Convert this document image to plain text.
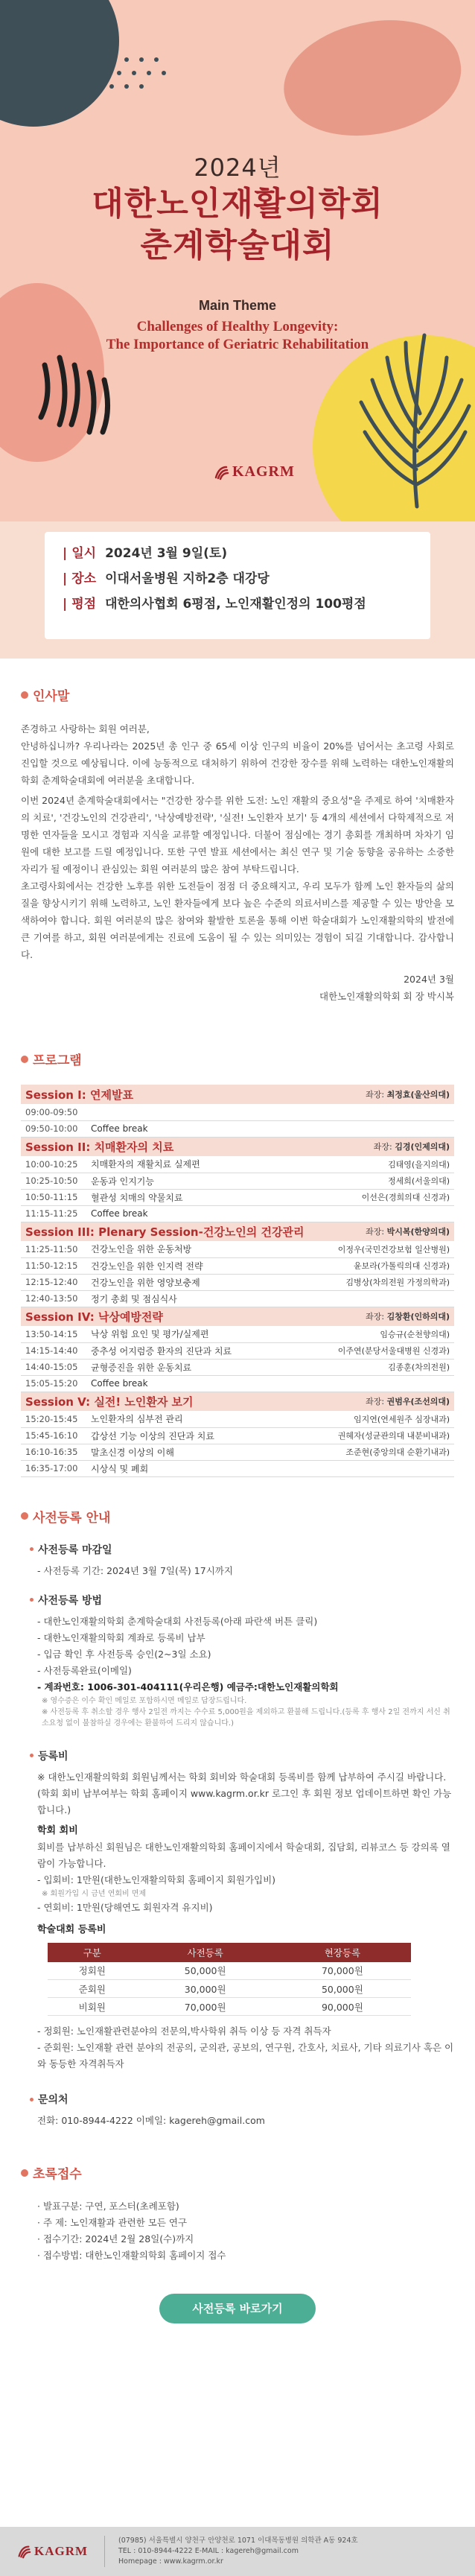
2024년
대한노인재활의학회
춘계학술대회
Main Theme
Challenges of Healthy Longevity:
The Importance of Geriatric Rehabilitation
KAGRM
| 일시 2024년 3월 9일(토)
| 장소 이대서울병원 지하2층 대강당
| 평점 대한의사협회 6평점, 노인재활인정의 100평점
인사말

존경하고 사랑하는 회원 여러분,

안녕하십니까? 우리나라는 2025년 총 인구 중 65세 이상 인구의 비율이 20%를 넘어서는 초고령 사회로 진입할 것으로 예상됩니다. 이에 능동적으로 대처하기 위하여 건강한 장수를 위해 노력하는 대한노인재활의학회 춘계학술대회에 여러분을 초대합니다.

이번 2024년 춘계학술대회에서는 "건강한 장수를 위한 도전: 노인 재활의 중요성"을 주제로 하여 '치매환자의 치료', '건강노인의 건강관리', '낙상예방전략', '실전! 노인환자 보기' 등 4개의 세션에서 다학제적으로 저명한 연자들을 모시고 경험과 지식을 교류할 예정입니다. 더불어 점심에는 경기 총회를 개최하며 차차기 임원에 대한 보고를 드릴 예정입니다. 또한 구연 발표 세션에서는 최신 연구 및 기술 동향을 공유하는 소중한 자리가 될 예정이니 관심있는 회원 여러분의 많은 참여 부탁드립니다.

초고령사회에서는 건강한 노후를 위한 도전들이 점점 더 중요해지고, 우리 모두가 함께 노인 환자들의 삶의 질을 향상시키기 위해 노력하고, 노인 환자들에게 보다 높은 수준의 의료서비스를 제공할 수 있는 방안을 모색하여야 합니다. 회원 여러분의 많은 참여와 활발한 토론을 통해 이번 학술대회가 노인재활의학의 발전에 큰 기여를 하고, 회원 여러분에게는 진료에 도움이 될 수 있는 의미있는 경험이 되길 기대합니다. 감사합니다.

2024년 3월

대한노인재활의학회 회 장 박시복

프로그램
Session I: 연제발표		좌장: 최정효(울산의대)
09:00-09:50		
09:50-10:00	Coffee break	
Session II: 치매환자의 치료		좌장: 김경(인제의대)
10:00-10:25	치매환자의 재활치료 실제편	김태영(을지의대)
10:25-10:50	운동과 인지기능	정세희(서울의대)
10:50-11:15	혈관성 치매의 약물치료	이선은(경희의대 신경과)
11:15-11:25	Coffee break	
Session III: Plenary Session-건강노인의 건강관리		좌장: 박시복(한양의대)
11:25-11:50	건강노인을 위한 운동처방	이정우(국민건강보험 일산병원)
11:50-12:15	건강노인을 위한 인지력 전략	윤보라(가톨릭의대 신경과)
12:15-12:40	건강노인을 위한 영양보충제	김병상(차의전원 가정의학과)
12:40-13:50	정기 총회 및 점심식사	
Session IV: 낙상예방전략		좌장: 김창환(인하의대)
13:50-14:15	낙상 위험 요인 및 평가/실제편	임승규(순천향의대)
14:15-14:40	중추성 어지럼증 환자의 진단과 치료	이주연(분당서울대병원 신경과)
14:40-15:05	균형증진을 위한 운동치료	김종훈(차의전원)
15:05-15:20	Coffee break	
Session V: 실전! 노인환자 보기		좌장: 권범우(조선의대)
15:20-15:45	노인환자의 심부전 관리	임지연(연세원주 심장내과)
15:45-16:10	갑상선 기능 이상의 진단과 치료	권혜자(성균관의대 내분비내과)
16:10-16:35	말초신경 이상의 이해	조준현(중앙의대 순환기내과)
16:35-17:00	시상식 및 폐회	
사전등록 안내
사전등록 마감일
- 사전등록 기간: 2024년 3월 7일(목) 17시까지
사전등록 방법
- 대한노인재활의학회 춘계학술대회 사전등록(아래 파란색 버튼 클릭)
- 대한노인재활의학회 계좌로 등록비 납부
- 입금 확인 후 사전등록 승인(2~3일 소요)
- 사전등록완료(이메일)
- 계좌번호: 1006-301-404111(우리은행) 예금주:대한노인재활의학회
※ 영수증은 이수 확인 메일로 포함하시면 메일로 답장드립니다.
※ 사전등록 후 취소할 경우 행사 2일전 까지는 수수료 5,000원을 제외하고 환불해 드립니다.(등록 후 행사 2일 전까지 서신 취소요청 없이 불참하실 경우에는 환불하여 드리지 않습니다.)
등록비
※ 대한노인재활의학회 회원님께서는 학회 회비와 학술대회 등록비를 함께 납부하여 주시길 바랍니다.(학회 회비 납부여부는 학회 홈페이지 www.kagrm.or.kr 로그인 후 회원 정보 업데이트하면 확인 가능합니다.)
학회 회비
회비를 납부하신 회원님은 대한노인재활의학회 홈페이지에서 학술대회, 집담회, 리뷰코스 등 강의록 열람이 가능합니다.
- 입회비: 1만원(대한노인재활의학회 홈페이지 회원가입비)
※ 회원가입 시 금년 연회비 면제
- 연회비: 1만원(당해연도 회원자격 유지비)
학술대회 등록비
구분	사전등록	현장등록
정회원	50,000원	70,000원
준회원	30,000원	50,000원
비회원	70,000원	90,000원
- 정회원: 노인재활관련분야의 전문의,박사학위 취득 이상 등 자격 취득자
- 준회원: 노인재활 관련 분야의 전공의, 군의관, 공보의, 연구원, 간호사, 치료사, 기타 의료기사 혹은 이와 동등한 자격취득자
문의처
전화: 010-8944-4222 이메일: kagereh@gmail.com
초록접수
· 발표구분: 구연, 포스터(초례포함)
· 주 제: 노인재활과 관련한 모든 연구
· 접수기간: 2024년 2월 28일(수)까지
· 접수방법: 대한노인재활의학회 홈페이지 접수
사전등록 바로가기
KAGRM
(07985) 서울특별시 양천구 안양천로 1071 이대목동병원 의학관 A동 924호
TEL : 010-8944-4222 E-MAIL : kagereh@gmail.com
Homepage : www.kagrm.or.kr
